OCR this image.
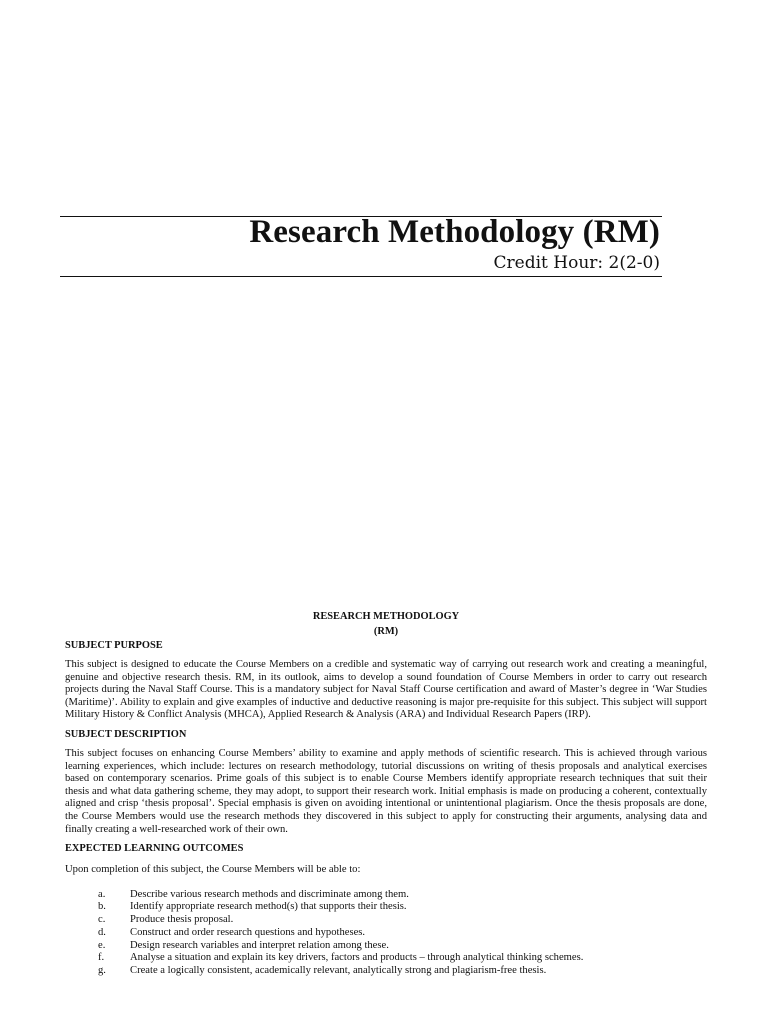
Research Methodology (RM)
Credit Hour: 2(2-0)
RESEARCH METHODOLOGY
(RM)
SUBJECT PURPOSE

This subject is designed to educate the Course Members on a credible and systematic way of carrying out research work and creating a meaningful, genuine and objective research thesis. RM, in its outlook, aims to develop a sound foundation of Course Members in order to carry out research projects during the Naval Staff Course. This is a mandatory subject for Naval Staff Course certification and award of Master’s degree in ‘War Studies (Maritime)’. Ability to explain and give examples of inductive and deductive reasoning is major pre-requisite for this subject. This subject will support Military History & Conflict Analysis (MHCA), Applied Research & Analysis (ARA) and Individual Research Papers (IRP).

SUBJECT DESCRIPTION

This subject focuses on enhancing Course Members’ ability to examine and apply methods of scientific research. This is achieved through various learning experiences, which include: lectures on research methodology, tutorial discussions on writing of thesis proposals and analytical exercises based on contemporary scenarios. Prime goals of this subject is to enable Course Members identify appropriate research techniques that suit their thesis and what data gathering scheme, they may adopt, to support their research work. Initial emphasis is made on producing a coherent, contextually aligned and crisp ‘thesis proposal’. Special emphasis is given on avoiding intentional or unintentional plagiarism. Once the thesis proposals are done, the Course Members would use the research methods they discovered in this subject to apply for constructing their arguments, analysing data and finally creating a well-researched work of their own.

EXPECTED LEARNING OUTCOMES

Upon completion of this subject, the Course Members will be able to:

a.	Describe various research methods and discriminate among them.
b.	Identify appropriate research method(s) that supports their thesis.
c.	Produce thesis proposal.
d.	Construct and order research questions and hypotheses.
e.	Design research variables and interpret relation among these.
f.	Analyse a situation and explain its key drivers, factors and products – through analytical thinking schemes.
g.	Create a logically consistent, academically relevant, analytically strong and plagiarism-free thesis.
